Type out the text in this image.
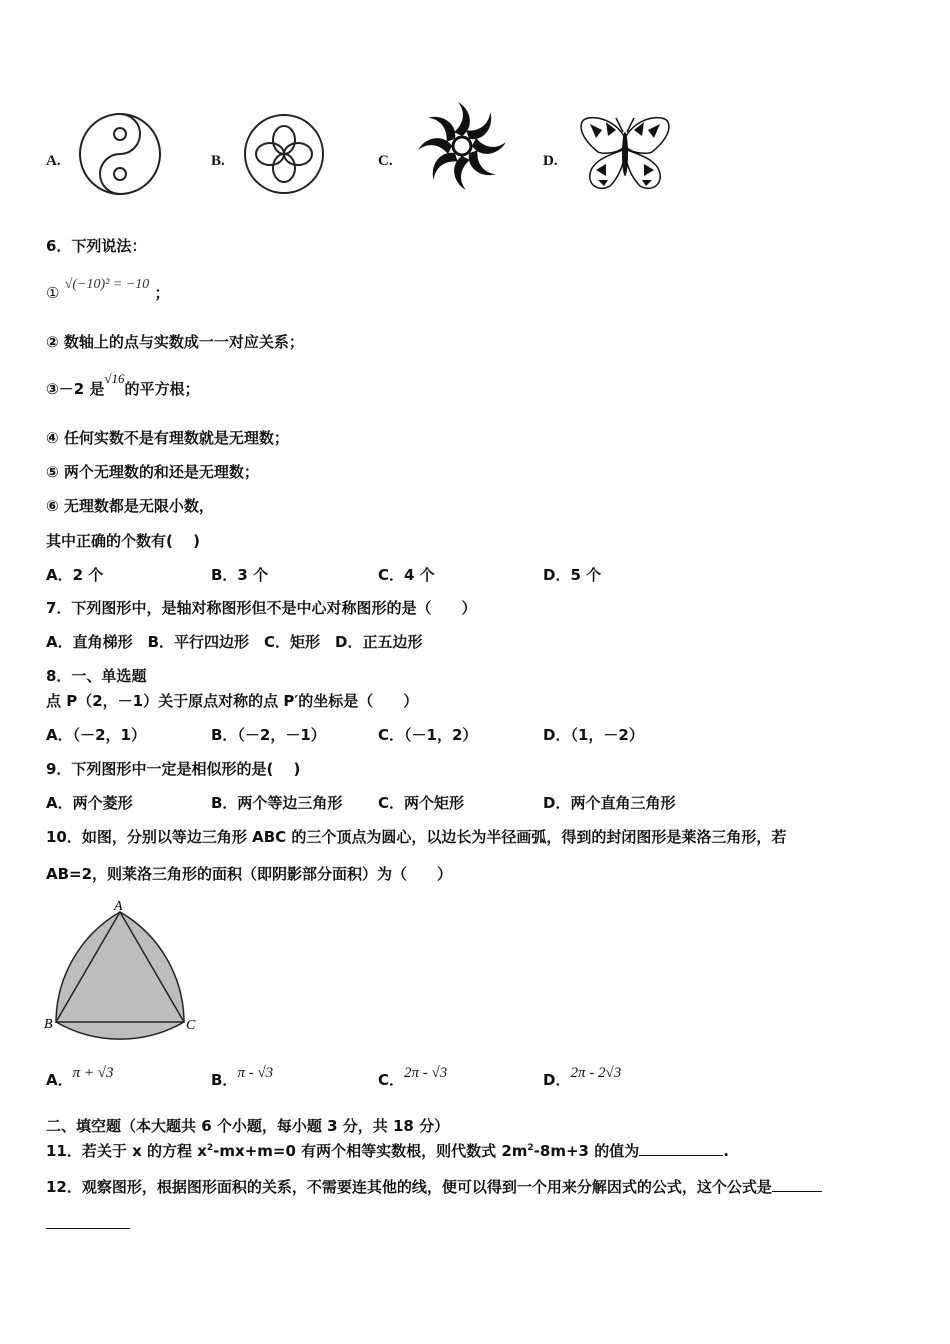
A.	B.	C.	D.
6．下列说法：
① √(−10)² = −10 ；
② 数轴上的点与实数成一一对应关系；
③－2 是√16的平方根；
④ 任何实数不是有理数就是无理数；
⑤ 两个无理数的和还是无理数；
⑥ 无理数都是无限小数，
其中正确的个数有(　 )
A．2 个	B．3 个	C．4 个	D．5 个
7．下列图形中，是轴对称图形但不是中心对称图形的是（　　）
A．直角梯形　B．平行四边形　C．矩形　D．正五边形
8．一、单选题
点 P（2，－1）关于原点对称的点 P′的坐标是（　　）
A．（－2，1）	B．（－2，－1）	C．（－1，2）	D．（1，－2）
9．下列图形中一定是相似形的是(　 )
A．两个菱形	B．两个等边三角形 C．两个矩形	D．两个直角三角形
10．如图，分别以等边三角形 ABC 的三个顶点为圆心，以边长为半径画弧，得到的封闭图形是莱洛三角形，若
AB=2，则莱洛三角形的面积（即阴影部分面积）为（　　）
A
B	C
A．π + √3	B．π - √3	C．2π - √3	D．2π - 2√3
二、填空题（本大题共 6 个小题，每小题 3 分，共 18 分）
11．若关于 x 的方程 $x^2-mx+m=0$ 有两个相等实数根，则代数式 $2m^2-8m+3$ 的值为	.
12．观察图形，根据图形面积的关系，不需要连其他的线，便可以得到一个用来分解因式的公式，这个公式是
